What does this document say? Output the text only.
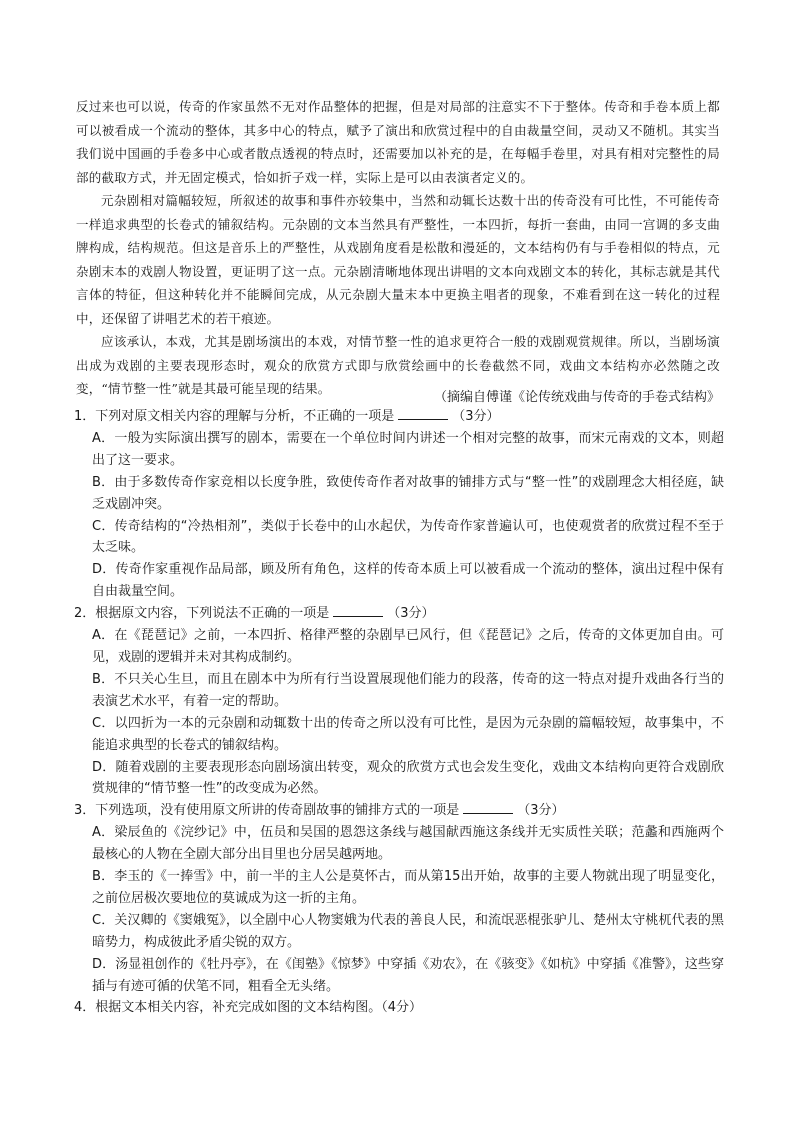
反过来也可以说，传奇的作家虽然不无对作品整体的把握，但是对局部的注意实不下于整体。传奇和手卷本质上都可以被看成一个流动的整体，其多中心的特点，赋予了演出和欣赏过程中的自由裁量空间，灵动又不随机。其实当我们说中国画的手卷多中心或者散点透视的特点时，还需要加以补充的是，在每幅手卷里，对具有相对完整性的局部的截取方式，并无固定模式，恰如折子戏一样，实际上是可以由表演者定义的。

元杂剧相对篇幅较短，所叙述的故事和事件亦较集中，当然和动辄长达数十出的传奇没有可比性，不可能传奇一样追求典型的长卷式的铺叙结构。元杂剧的文本当然具有严整性，一本四折，每折一套曲，由同一宫调的多支曲牌构成，结构规范。但这是音乐上的严整性，从戏剧角度看是松散和漫延的，文本结构仍有与手卷相似的特点，元杂剧末本的戏剧人物设置，更证明了这一点。元杂剧清晰地体现出讲唱的文本向戏剧文本的转化，其标志就是其代言体的特征，但这种转化并不能瞬间完成，从元杂剧大量末本中更换主唱者的现象，不难看到在这一转化的过程中，还保留了讲唱艺术的若干痕迹。

应该承认，本戏，尤其是剧场演出的本戏，对情节整一性的追求更符合一般的戏剧观赏规律。所以，当剧场演出成为戏剧的主要表现形态时，观众的欣赏方式即与欣赏绘画中的长卷截然不同，戏曲文本结构亦必然随之改变，“情节整一性”就是其最可能呈现的结果。

（摘编自傅谨《论传统戏曲与传奇的手卷式结构》

1．下列对原文相关内容的理解与分析，不正确的一项是	（3分）

A．一般为实际演出撰写的剧本，需要在一个单位时间内讲述一个相对完整的故事，而宋元南戏的文本，则超出了这一要求。

B．由于多数传奇作家竞相以长度争胜，致使传奇作者对故事的铺排方式与“整一性”的戏剧理念大相径庭，缺乏戏剧冲突。

C．传奇结构的“冷热相剂”，类似于长卷中的山水起伏，为传奇作家普遍认可，也使观赏者的欣赏过程不至于太乏味。

D．传奇作家重视作品局部，顾及所有角色，这样的传奇本质上可以被看成一个流动的整体，演出过程中保有自由裁量空间。

2．根据原文内容，下列说法不正确的一项是	（3分）

A．在《琵琶记》之前，一本四折、格律严整的杂剧早已风行，但《琵琶记》之后，传奇的文体更加自由。可见，戏剧的逻辑并未对其构成制约。

B．不只关心生旦，而且在剧本中为所有行当设置展现他们能力的段落，传奇的这一特点对提升戏曲各行当的表演艺术水平，有着一定的帮助。

C．以四折为一本的元杂剧和动辄数十出的传奇之所以没有可比性，是因为元杂剧的篇幅较短，故事集中，不能追求典型的长卷式的铺叙结构。

D．随着戏剧的主要表现形态向剧场演出转变，观众的欣赏方式也会发生变化，戏曲文本结构向更符合戏剧欣赏规律的“情节整一性”的改变成为必然。

3．下列选项，没有使用原文所讲的传奇剧故事的铺排方式的一项是	（3分）

A．梁辰鱼的《浣纱记》中，伍员和吴国的恩怨这条线与越国献西施这条线并无实质性关联；范蠡和西施两个最核心的人物在全剧大部分出目里也分居吴越两地。

B．李玉的《一捧雪》中，前一半的主人公是莫怀古，而从第15出开始，故事的主要人物就出现了明显变化，之前位居极次要地位的莫诚成为这一折的主角。

C．关汉卿的《窦娥冤》，以全剧中心人物窦娥为代表的善良人民，和流氓恶棍张驴儿、楚州太守桃杌代表的黑暗势力，构成彼此矛盾尖锐的双方。

D．汤显祖创作的《牡丹亭》，在《闺塾》《惊梦》中穿插《劝农》，在《骇变》《如杭》中穿插《准警》，这些穿插与有迹可循的伏笔不同，粗看全无头绪。

4．根据文本相关内容，补充完成如图的文本结构图。（4分）
